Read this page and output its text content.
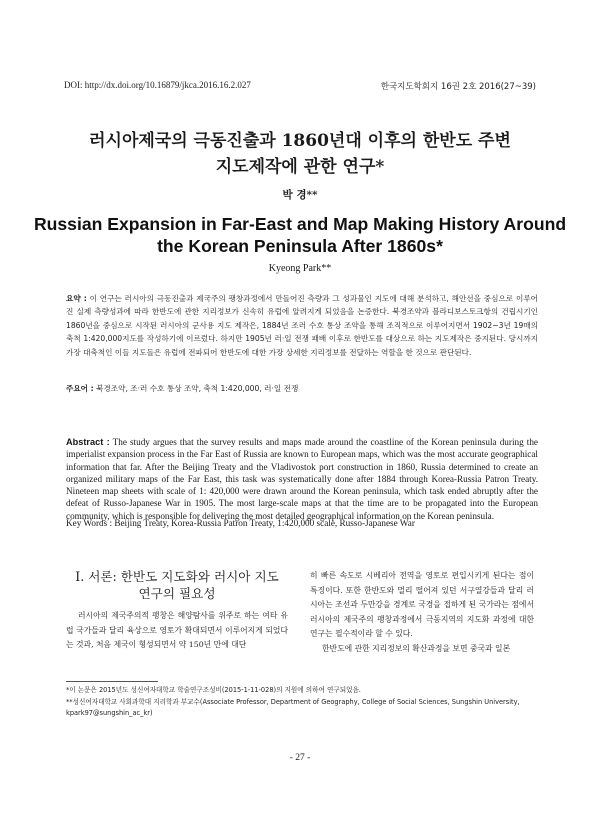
DOI: http://dx.doi.org/10.16879/jkca.2016.16.2.027	한국지도학회지 16권 2호 2016(27~39)
러시아제국의 극동진출과 1860년대 이후의 한반도 주변
지도제작에 관한 연구*
박 경**
Russian Expansion in Far-East and Map Making History Around
the Korean Peninsula After 1860s*
Kyeong Park**
요약 : 이 연구는 러시아의 극동진출과 제국주의 팽창과정에서 만들어진 측량과 그 성과물인 지도에 대해 분석하고, 해안선을 중심으로 이루어진 실제 측량성과에 따라 한반도에 관한 지리정보가 신속히 유럽에 알려지게 되었음을 논증한다. 북경조약과 블라디보스토크항의 건립시기인 1860년을 중심으로 시작된 러시아의 군사용 지도 제작은, 1884년 조러 수호 통상 조약을 통해 조직적으로 이루어지면서 1902~3년 19매의 축척 1:420,000지도를 작성하기에 이르렀다. 하지만 1905년 러·일 전쟁 패배 이후로 한반도를 대상으로 하는 지도제작은 중지된다. 당시까지 가장 대축척인 이들 지도들은 유럽에 전파되어 한반도에 대한 가장 상세한 지리정보를 전달하는 역할을 한 것으로 판단된다.
주요어 : 북경조약, 조·러 수호 통상 조약, 축척 1:420,000, 러·일 전쟁
Abstract : The study argues that the survey results and maps made around the coastline of the Korean peninsula during the imperialist expansion process in the Far East of Russia are known to European maps, which was the most accurate geographical information that far. After the Beijing Treaty and the Vladivostok port construction in 1860, Russia determined to create an organized military maps of the Far East, this task was systematically done after 1884 through Korea-Russia Patron Treaty. Nineteen map sheets with scale of 1: 420,000 were drawn around the Korean peninsula, which task ended abruptly after the defeat of Russo-Japanese War in 1905. The most large-scale maps at that the time are to be propagated into the European community, which is responsible for delivering the most detailed geographical information on the Korean peninsula.
Key Words : Beijing Treaty, Korea-Russia Patron Treaty, 1:420,000 scale, Russo-Japanese War
I. 서론: 한반도 지도화와 러시아 지도
연구의 필요성

러시아의 제국주의적 팽창은 해양탐사를 위주로 하는 여타 유럽 국가들과 달리 육상으로 영토가 확대되면서 이루어지게 되었다는 것과, 처음 제국이 형성되면서 약 150년 만에 대단

히 빠른 속도로 시베리아 전역을 영토로 편입시키게 된다는 점이 특징이다. 또한 한반도와 멀리 떨어져 있던 서구열강들과 달리 러시아는 조선과 두만강을 경계로 국경을 접하게 된 국가라는 점에서 러시아의 제국주의 팽창과정에서 극동지역의 지도화 과정에 대한 연구는 필수적이라 할 수 있다.

한반도에 관한 지리정보의 확산과정을 보면 중국과 일본

*이 논문은 2015년도 성신여자대학교 학술연구조성비(2015-1-11-028)의 지원에 의하여 연구되었음.

**성신여자대학교 사회과학대 지리학과 부교수(Associate Professor, Department of Geography, College of Social Sciences, Sungshin University, kpark97@sungshin_ac_kr)

- 27 -
